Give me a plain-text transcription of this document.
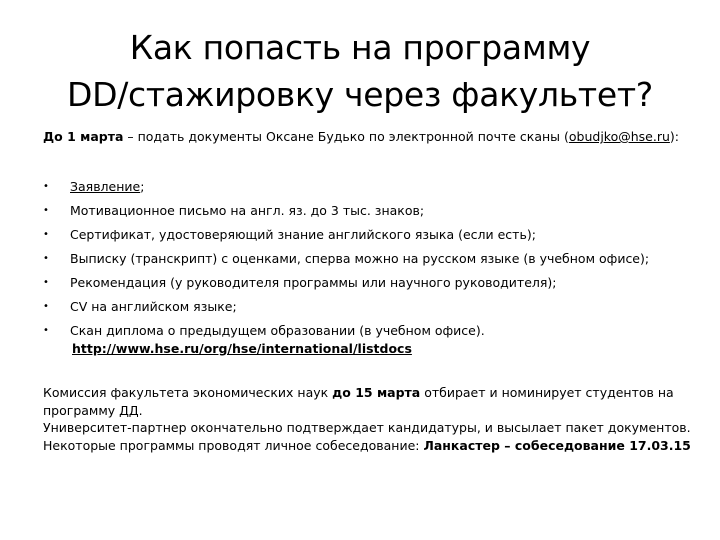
Как попасть на программу
DD/стажировку через факультет?
До 1 марта – подать документы Оксане Будько по электронной почте сканы (obudjko@hse.ru):
• Заявление;
• Мотивационное письмо на англ. яз. до 3 тыс. знаков;
• Сертификат, удостоверяющий знание английского языка (если есть);
• Выписку (транскрипт) с оценками, сперва можно на русском языке (в учебном офисе);
• Рекомендация (у руководителя программы или научного руководителя);
• CV на английском языке;
• Скан диплома о предыдущем образовании (в учебном офисе).
http://www.hse.ru/org/hse/international/listdocs

Комиссия факультета экономических наук до 15 марта отбирает и номинирует студентов на программу ДД.

Университет-партнер окончательно подтверждает кандидатуры, и высылает пакет документов.

Некоторые программы проводят личное собеседование: Ланкастер – собеседование 17.03.15
